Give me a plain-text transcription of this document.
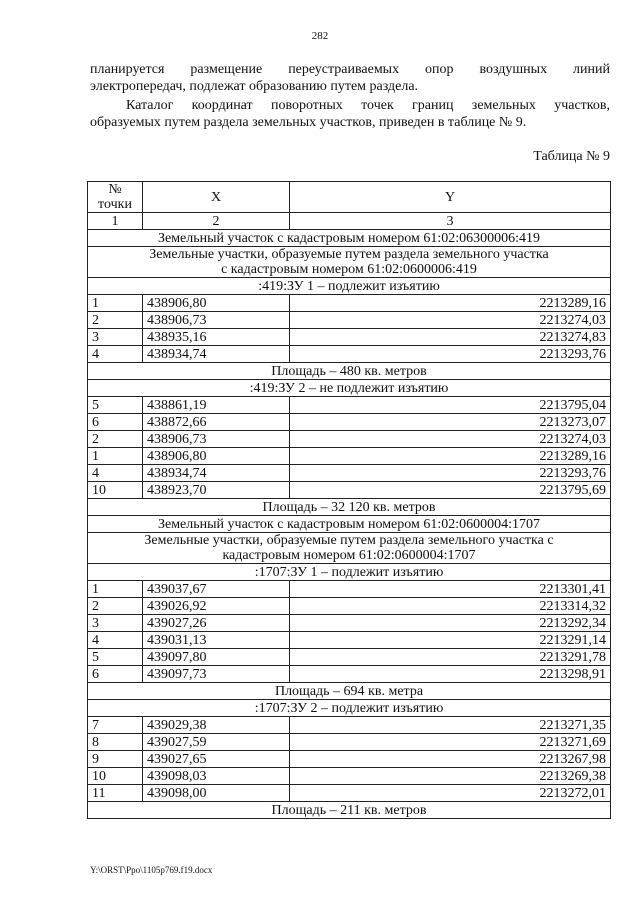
282

планируется размещение переустраиваемых опор воздушных линий
электропередач, подлежат образованию путем раздела.

Каталог координат поворотных точек границ земельных участков,
образуемых путем раздела земельных участков, приведен в таблице № 9.

Таблица № 9
№ точки	X	Y
1	2	3
Земельный участок с кадастровым номером 61:02:06300006:419		

Земельные участки, образуемые путем раздела земельного участка
с кадастровым номером 61:02:0600006:419		

:419:ЗУ 1 – подлежит изъятию		
1	438906,80	2213289,16
2	438906,73	2213274,03
3	438935,16	2213274,83
4	438934,74	2213293,76
Площадь – 480 кв. метров		
:419:ЗУ 2 – не подлежит изъятию		
5	438861,19	2213795,04
6	438872,66	2213273,07
2	438906,73	2213274,03
1	438906,80	2213289,16
4	438934,74	2213293,76
10	438923,70	2213795,69
Площадь – 32 120 кв. метров		
Земельный участок с кадастровым номером 61:02:0600004:1707		

Земельные участки, образуемые путем раздела земельного участка с
кадастровым номером 61:02:0600004:1707		

:1707:ЗУ 1 – подлежит изъятию		
1	439037,67	2213301,41
2	439026,92	2213314,32
3	439027,26	2213292,34
4	439031,13	2213291,14
5	439097,80	2213291,78
6	439097,73	2213298,91
Площадь – 694 кв. метра		
:1707:ЗУ 2 – подлежит изъятию		
7	439029,38	2213271,35
8	439027,59	2213271,69
9	439027,65	2213267,98
10	439098,03	2213269,38
11	439098,00	2213272,01
Площадь – 211 кв. метров		
Y:\ORST\Ppo\1105p769.f19.docx
